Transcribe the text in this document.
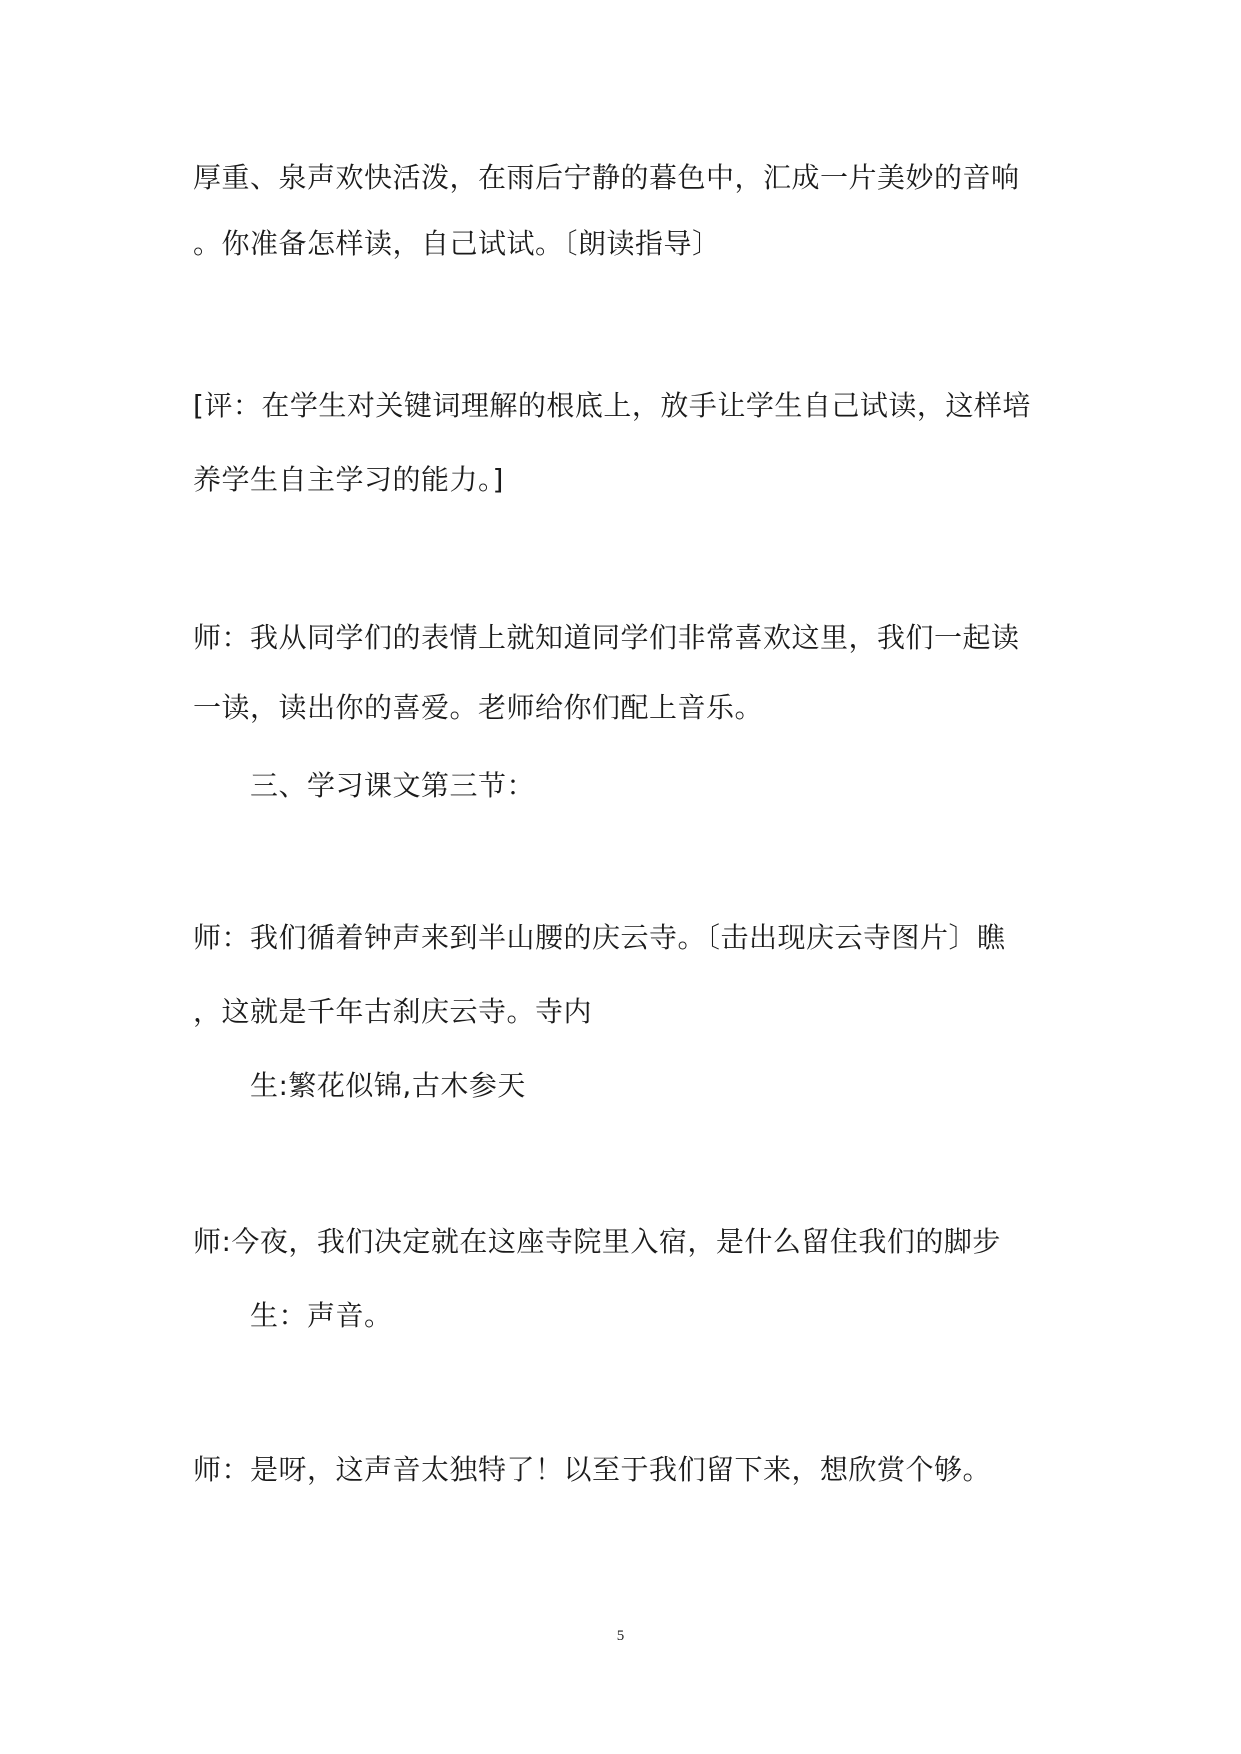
厚重、泉声欢快活泼，在雨后宁静的暮色中，汇成一片美妙的音响
。你准备怎样读，自己试试。〔朗读指导〕
[评：在学生对关键词理解的根底上，放手让学生自己试读，这样培
养学生自主学习的能力。]
师：我从同学们的表情上就知道同学们非常喜欢这里，我们一起读
一读，读出你的喜爱。老师给你们配上音乐。
三、学习课文第三节：
师：我们循着钟声来到半山腰的庆云寺。〔击出现庆云寺图片〕瞧
，这就是千年古刹庆云寺。寺内
生:繁花似锦,古木参天
师:今夜，我们决定就在这座寺院里入宿，是什么留住我们的脚步
生：声音。
师：是呀，这声音太独特了！以至于我们留下来，想欣赏个够。
5
